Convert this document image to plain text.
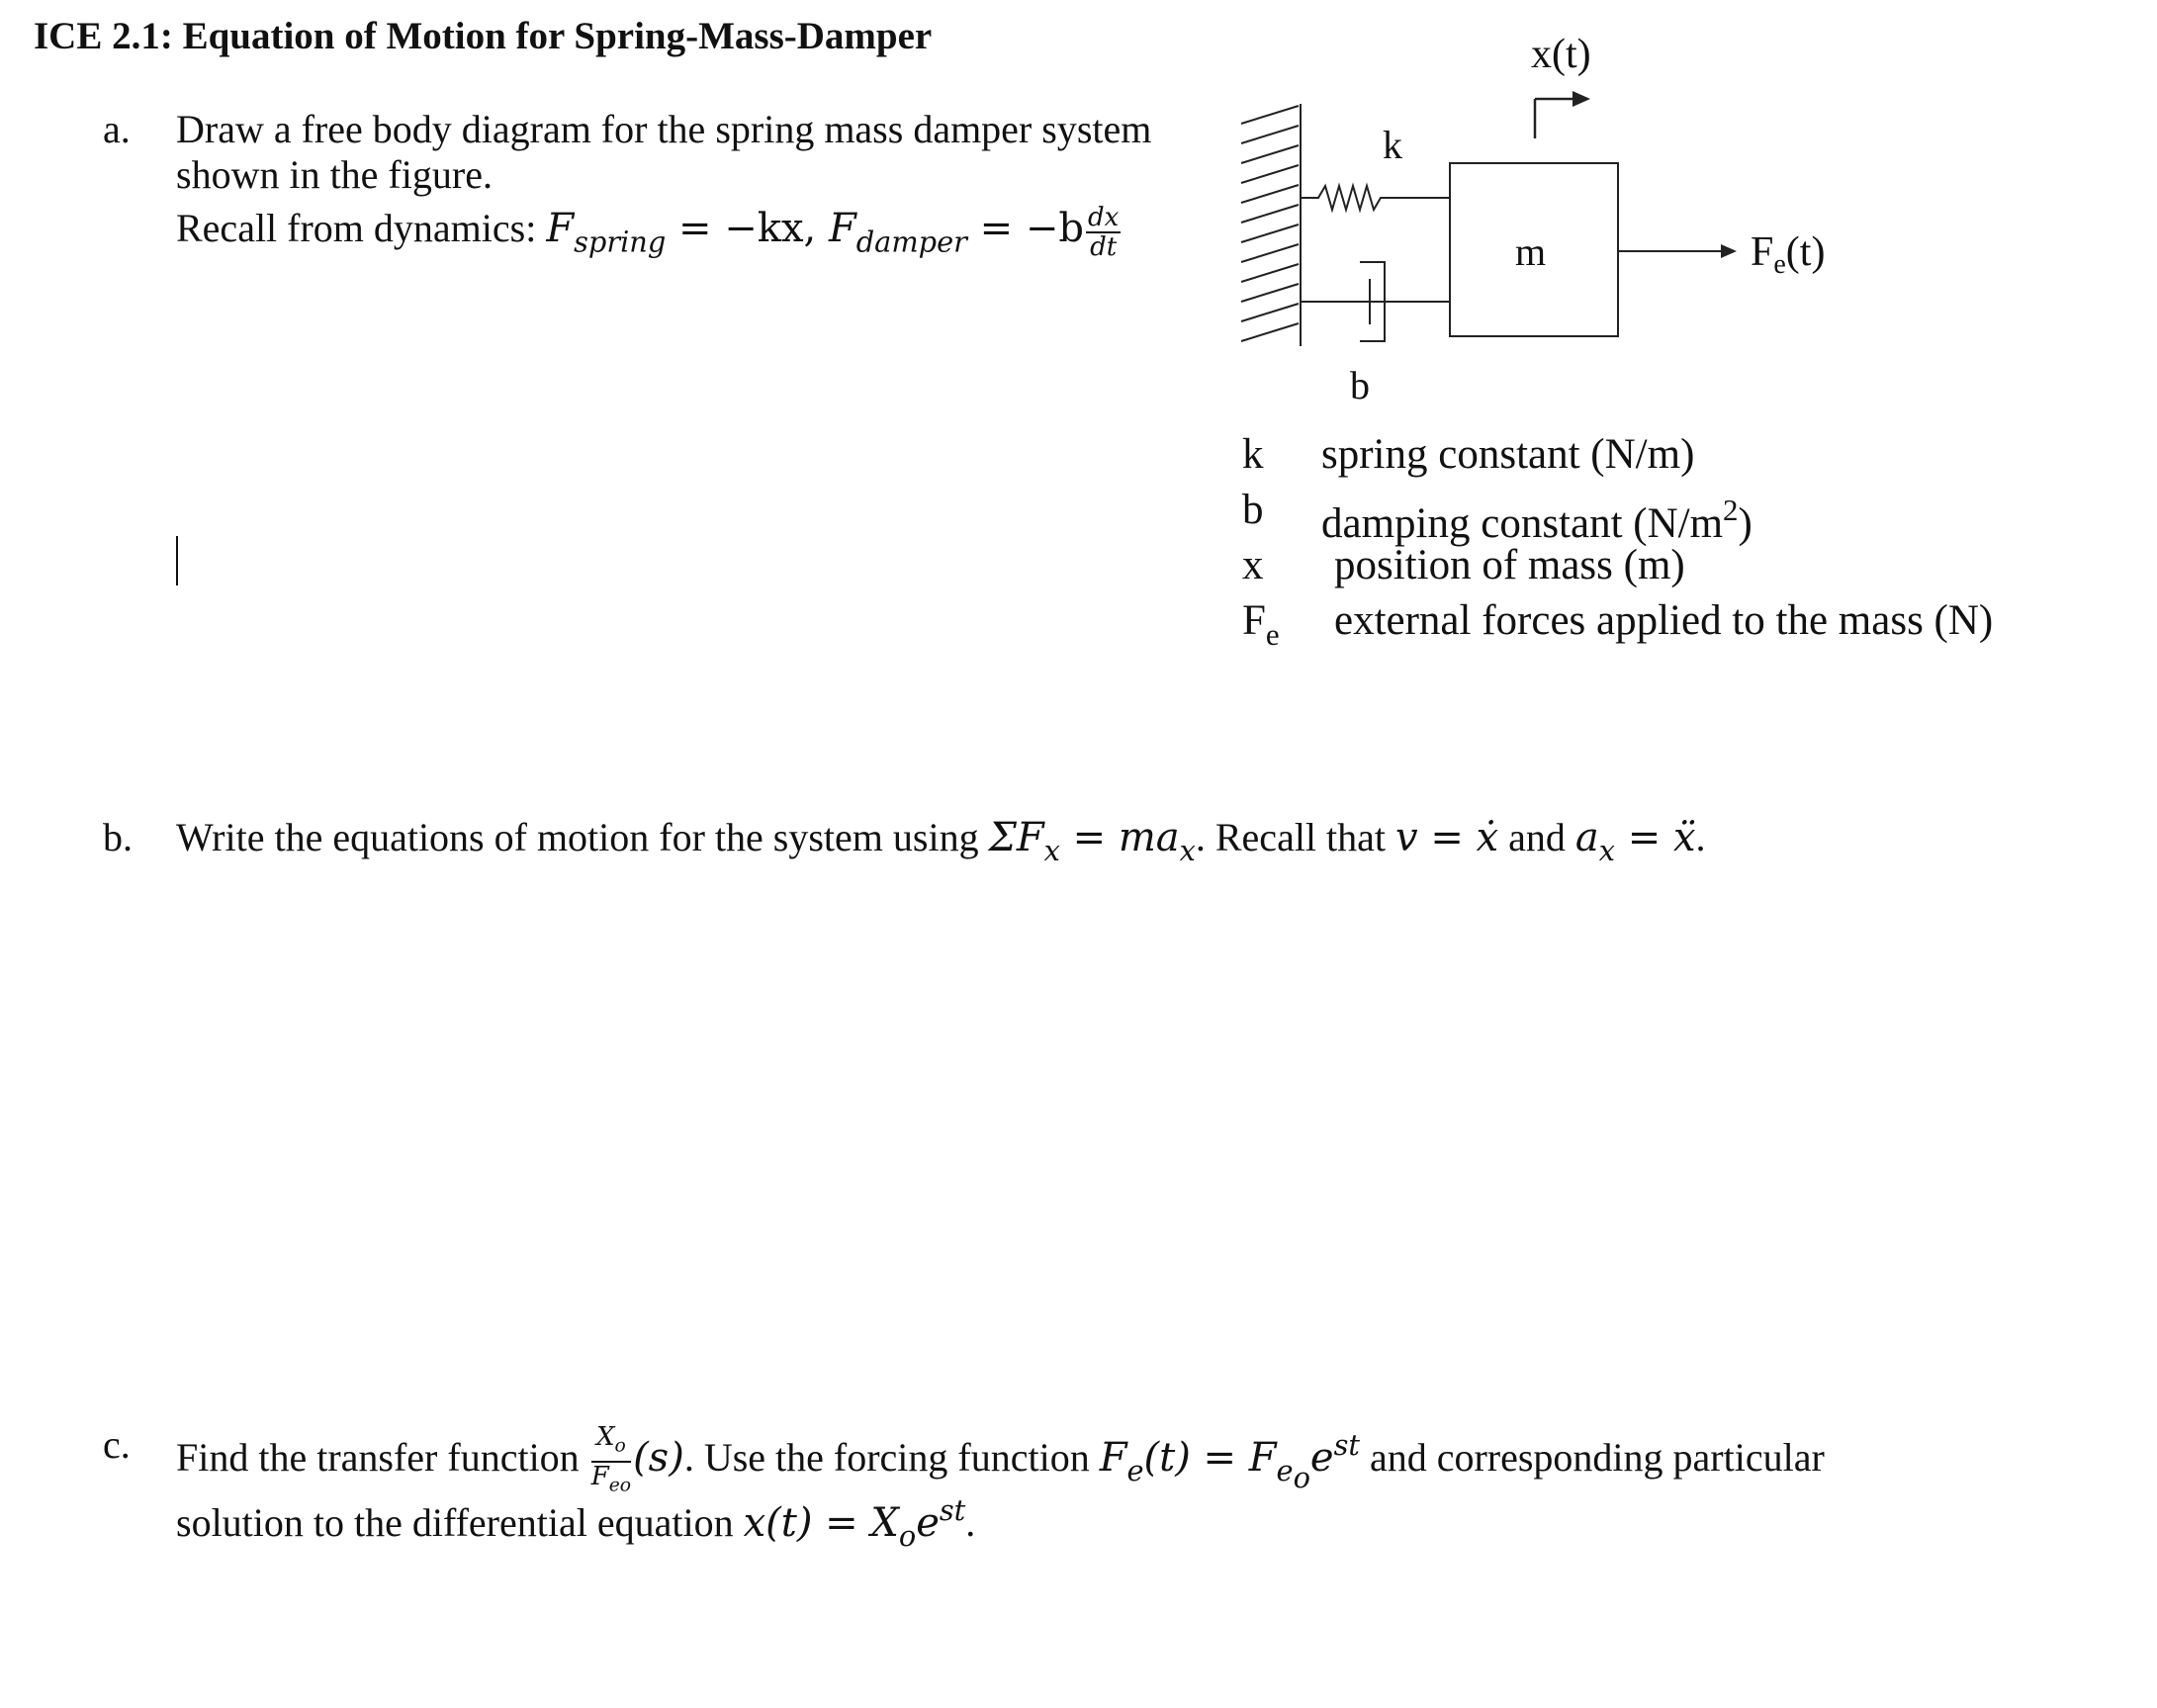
ICE 2.1: Equation of Motion for Spring-Mass-Damper
a. Draw a free body diagram for the spring mass damper system
shown in the figure.
Recall from dynamics: $F_{spring} = -kx$, $F_{damper} = -b \frac{dx}{dt}$
k
b
m
x(t)
Fe(t)
k spring constant (N/m)
b damping constant $(N/m^2)$
x position of mass (m)
$F_e$ external forces applied to the mass (N)
b. Write the equations of motion for the system using $\Sigma F_x = ma_x$. Recall that v = ẋ and $a_x$ = ẍ.
c. Find the transfer function $\frac{X_o}{F_{eo}} (s)$. Use the forcing function $F_e(t) = F_{eo}e^{st}$ and corresponding particular
solution to the differential equation $x(t) = X_oe^{st}$.
